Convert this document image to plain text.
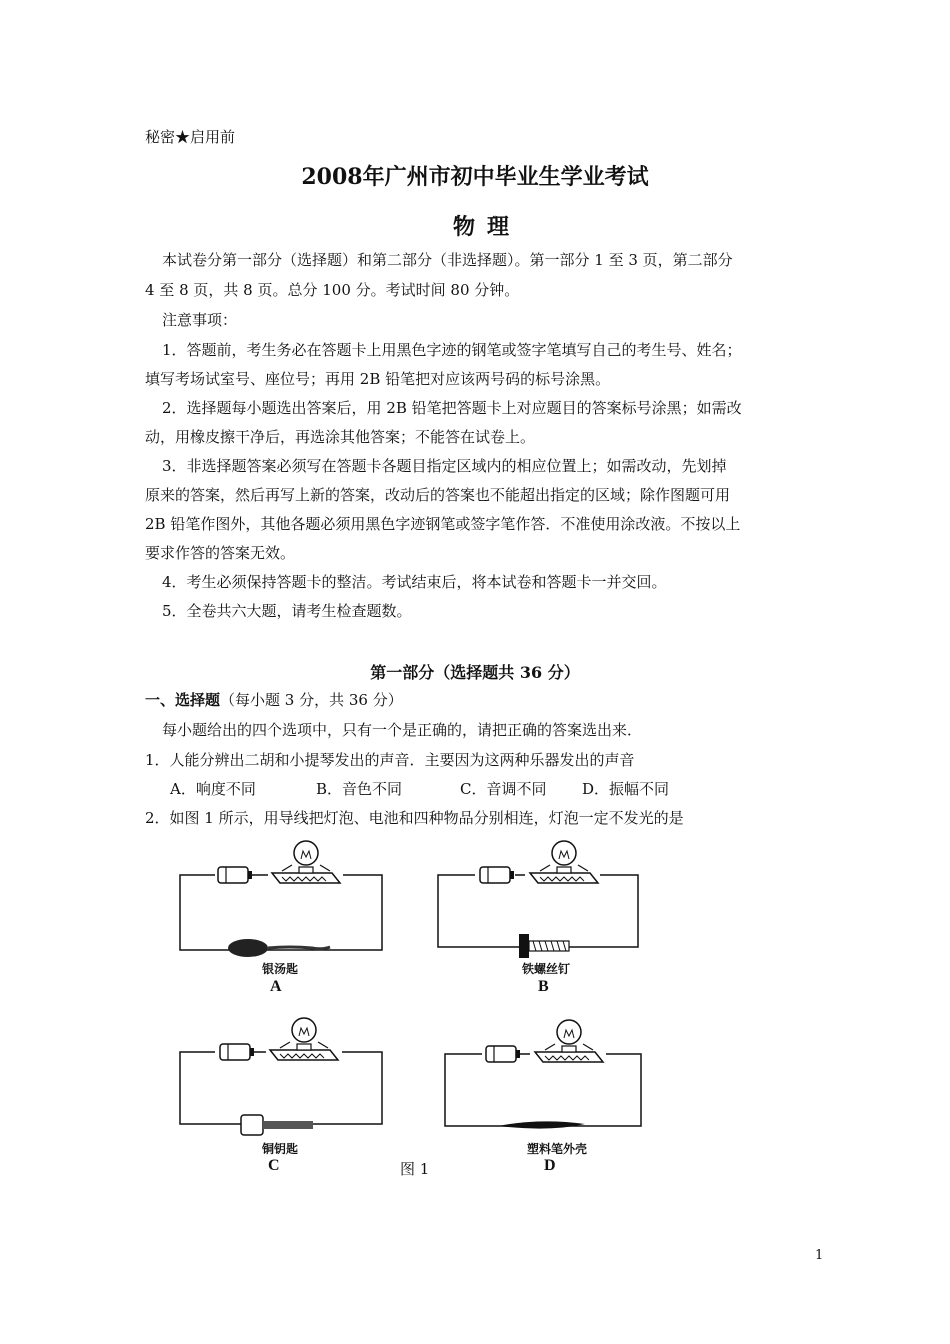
秘密★启用前
2008年广州市初中毕业生学业考试
物理
本试卷分第一部分（选择题）和第二部分（非选择题）。第一部分 1 至 3 页，第二部分
4 至 8 页，共 8 页。总分 100 分。考试时间 80 分钟。
注意事项：
1．答题前，考生务必在答题卡上用黑色字迹的钢笔或签字笔填写自己的考生号、姓名；
填写考场试室号、座位号；再用 2B 铅笔把对应该两号码的标号涂黑。
2．选择题每小题选出答案后，用 2B 铅笔把答题卡上对应题目的答案标号涂黑；如需改
动，用橡皮擦干净后，再选涂其他答案；不能答在试卷上。
3．非选择题答案必须写在答题卡各题目指定区域内的相应位置上；如需改动，先划掉
原来的答案，然后再写上新的答案，改动后的答案也不能超出指定的区域；除作图题可用
2B 铅笔作图外，其他各题必须用黑色字迹钢笔或签字笔作答．不准使用涂改液。不按以上
要求作答的答案无效。
4．考生必须保持答题卡的整洁。考试结束后，将本试卷和答题卡一并交回。
5．全卷共六大题，请考生检查题数。
第一部分（选择题共 36 分）
一、选择题（每小题 3 分，共 36 分）
每小题给出的四个选项中，只有一个是正确的，请把正确的答案选出来．
1．人能分辨出二胡和小提琴发出的声音．主要因为这两种乐器发出的声音
A．响度不同	B．音色不同	C．音调不同 D．振幅不同
2．如图 1 所示，用导线把灯泡、电池和四种物品分别相连，灯泡一定不发光的是
银汤匙
A
铁螺丝钉
B
铜钥匙
C
塑料笔外壳
D
图 1
1
